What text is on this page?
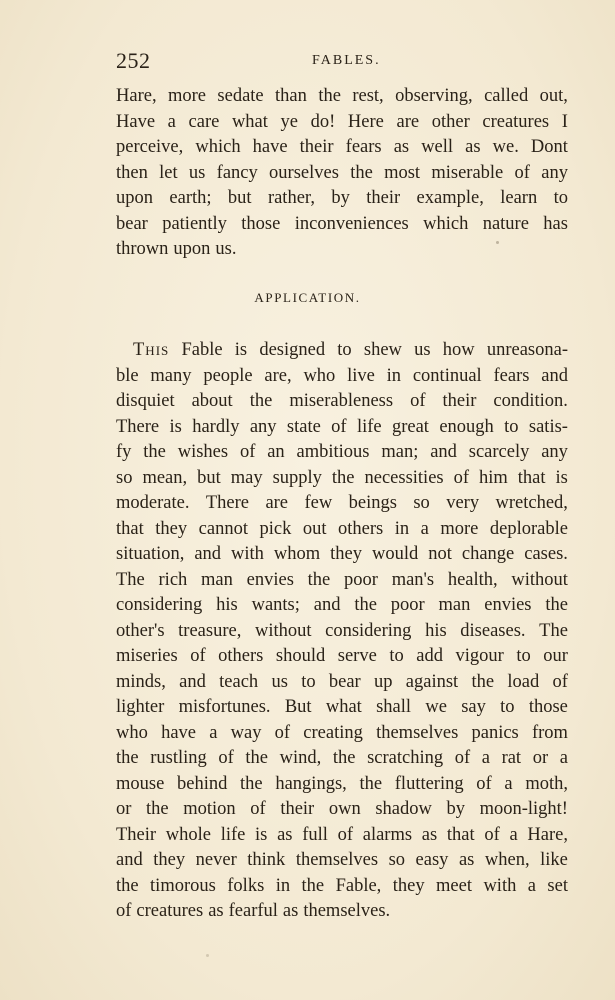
252	FABLES.
Hare, more sedate than the rest, observing, called out,
Have a care what ye do! Here are other creatures I
perceive, which have their fears as well as we. Dont
then let us fancy ourselves the most miserable of any
upon earth; but rather, by their example, learn to
bear patiently those inconveniences which nature has
thrown upon us.
APPLICATION.
This Fable is designed to shew us how unreasona-
ble many people are, who live in continual fears and
disquiet about the miserableness of their condition.
There is hardly any state of life great enough to satis-
fy the wishes of an ambitious man; and scarcely any
so mean, but may supply the necessities of him that is
moderate. There are few beings so very wretched,
that they cannot pick out others in a more deplorable
situation, and with whom they would not change cases.
The rich man envies the poor man's health, without
considering his wants; and the poor man envies the
other's treasure, without considering his diseases. The
miseries of others should serve to add vigour to our
minds, and teach us to bear up against the load of
lighter misfortunes. But what shall we say to those
who have a way of creating themselves panics from
the rustling of the wind, the scratching of a rat or a
mouse behind the hangings, the fluttering of a moth,
or the motion of their own shadow by moon-light!
Their whole life is as full of alarms as that of a Hare,
and they never think themselves so easy as when, like
the timorous folks in the Fable, they meet with a set
of creatures as fearful as themselves.
